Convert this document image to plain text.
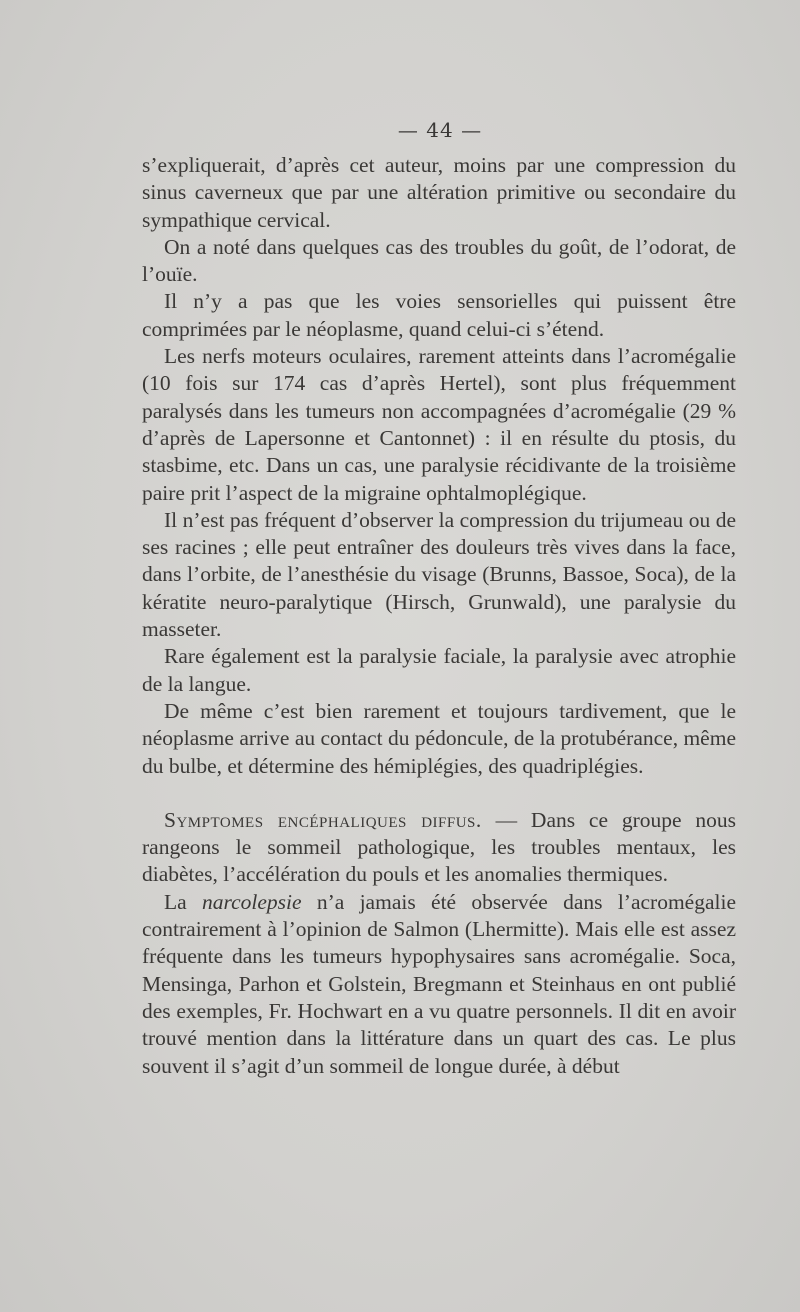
— 44 —

s’expliquerait, d’après cet auteur, moins par une compression du sinus caverneux que par une altération primitive ou secondaire du sympathique cervical.

On a noté dans quelques cas des troubles du goût, de l’odorat, de l’ouïe.

Il n’y a pas que les voies sensorielles qui puissent être comprimées par le néoplasme, quand celui-ci s’étend.

Les nerfs moteurs oculaires, rarement atteints dans l’acromégalie (10 fois sur 174 cas d’après Hertel), sont plus fréquemment paralysés dans les tumeurs non accompagnées d’acromégalie (29 % d’après de Lapersonne et Cantonnet) : il en résulte du ptosis, du stasbime, etc. Dans un cas, une paralysie récidivante de la troisième paire prit l’aspect de la migraine ophtalmoplégique.

Il n’est pas fréquent d’observer la compression du trijumeau ou de ses racines ; elle peut entraîner des douleurs très vives dans la face, dans l’orbite, de l’anesthésie du visage (Brunns, Bassoe, Soca), de la kératite neuro-paralytique (Hirsch, Grunwald), une paralysie du masseter.

Rare également est la paralysie faciale, la paralysie avec atrophie de la langue.

De même c’est bien rarement et toujours tardivement, que le néoplasme arrive au contact du pédoncule, de la protubérance, même du bulbe, et détermine des hémiplégies, des quadriplégies.

Symptomes encéphaliques diffus. — Dans ce groupe nous rangeons le sommeil pathologique, les troubles mentaux, les diabètes, l’accélération du pouls et les anomalies thermiques.

La narcolepsie n’a jamais été observée dans l’acromégalie contrairement à l’opinion de Salmon (Lhermitte). Mais elle est assez fréquente dans les tumeurs hypophysaires sans acromégalie. Soca, Mensinga, Parhon et Golstein, Bregmann et Steinhaus en ont publié des exemples, Fr. Hochwart en a vu quatre personnels. Il dit en avoir trouvé mention dans la littérature dans un quart des cas. Le plus souvent il s’agit d’un sommeil de longue durée, à début
